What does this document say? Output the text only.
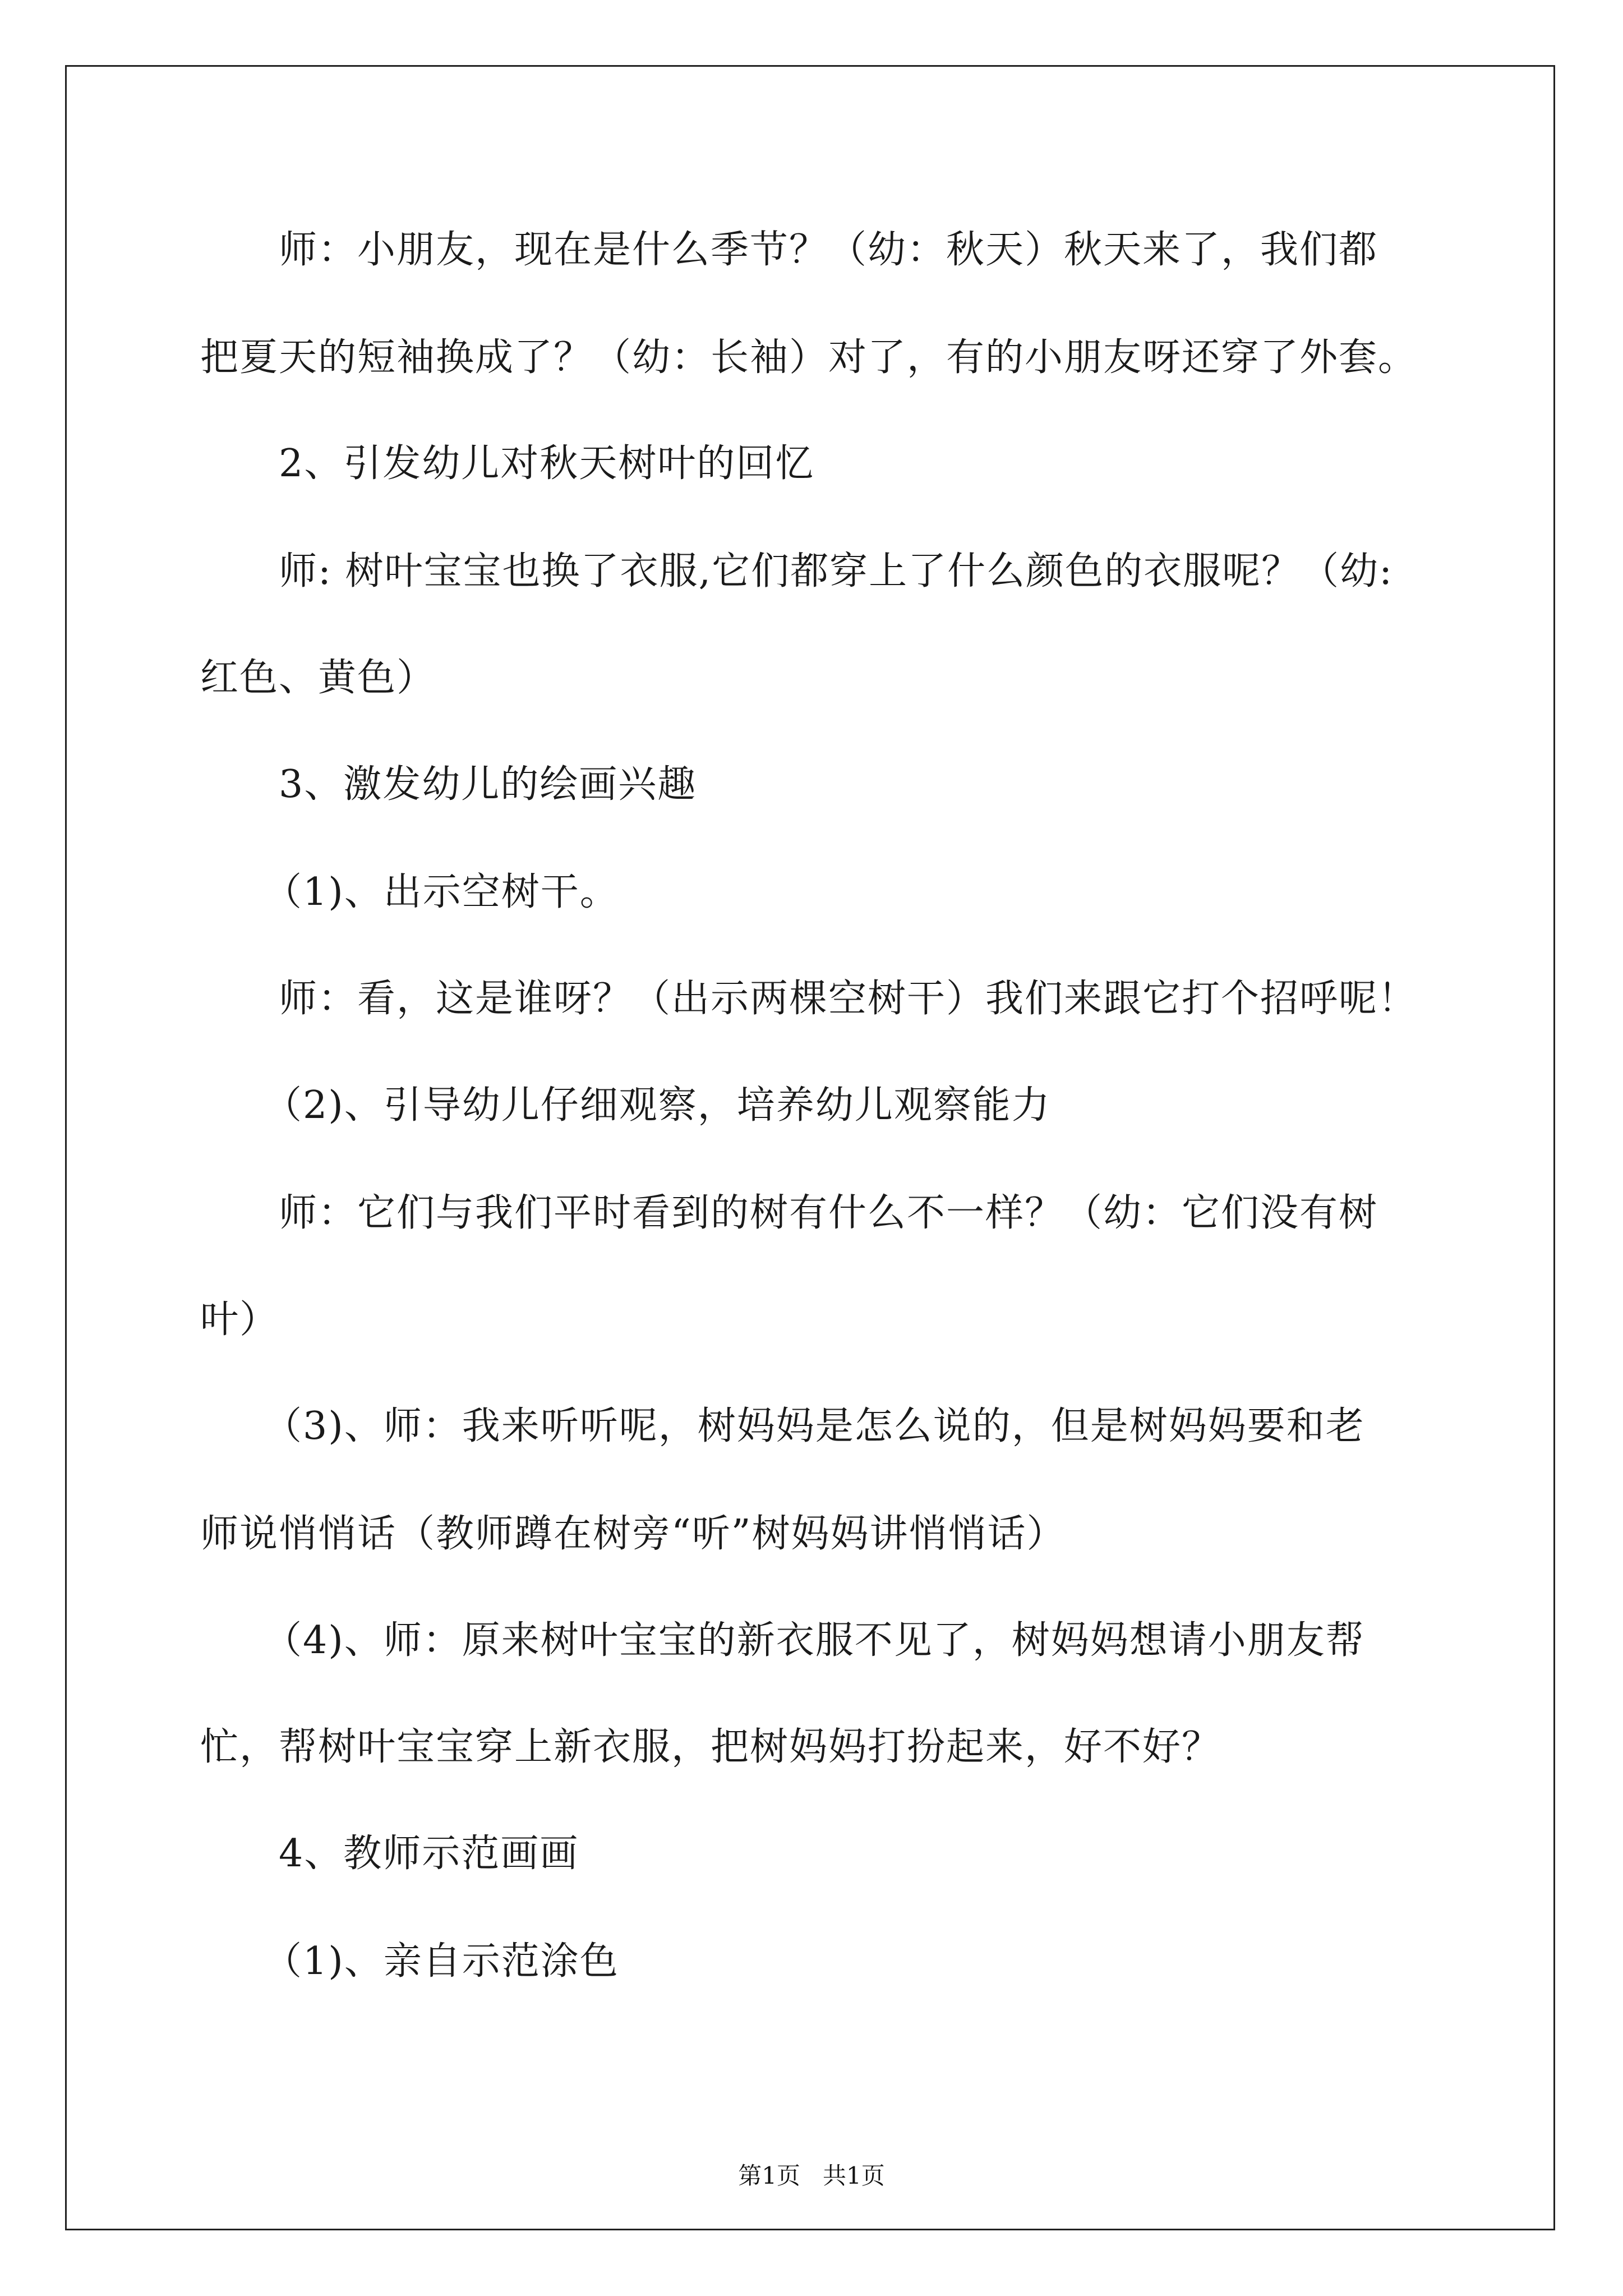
师：小朋友，现在是什么季节？（幼：秋天）秋天来了，我们都
把夏天的短袖换成了？（幼：长袖）对了，有的小朋友呀还穿了外套。
2、引发幼儿对秋天树叶的回忆
师: 树叶宝宝也换了衣服,它们都穿上了什么颜色的衣服呢？（幼:
红色、黄色）
3、激发幼儿的绘画兴趣
（1)、出示空树干。
师：看，这是谁呀？（出示两棵空树干）我们来跟它打个招呼呢！
（2)、引导幼儿仔细观察，培养幼儿观察能力
师：它们与我们平时看到的树有什么不一样？（幼：它们没有树
叶）
（3)、师：我来听听呢，树妈妈是怎么说的，但是树妈妈要和老
师说悄悄话（教师蹲在树旁“听”树妈妈讲悄悄话）
（4)、师：原来树叶宝宝的新衣服不见了，树妈妈想请小朋友帮
忙，帮树叶宝宝穿上新衣服，把树妈妈打扮起来，好不好？
4、教师示范画画
（1)、亲自示范涂色
第1页   共1页
